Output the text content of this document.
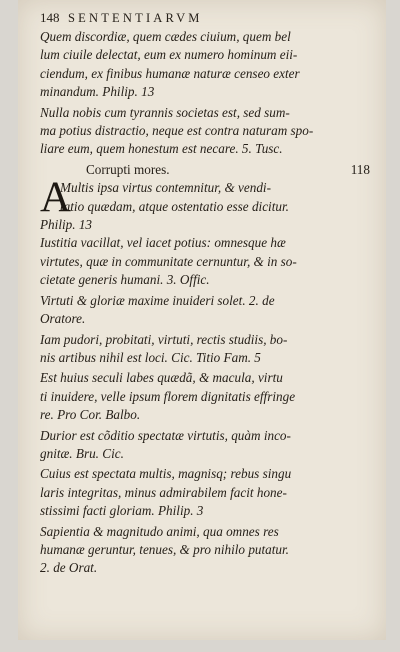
148 SENTENTIARVM
Quem discordiæ, quem cædes ciuium, quem bel
lum ciuile delectat, eum ex numero hominum eii-
ciendum, ex finibus humanæ naturæ censeo exter
minandum. Philip. 13
Nulla nobis cum tyrannis societas est, sed sum-
ma potius distractio, neque est contra naturam spo-
liare eum, quem honestum est necare. 5. Tusc.
Corrupti mores.	118
A
Multis ipsa virtus contemnitur, & vendi-
tatio quædam, atque ostentatio esse dicitur.
Philip. 13
Iustitia vacillat, vel iacet potius: omnesque hæ
virtutes, quæ in communitate cernuntur, & in so-
cietate generis humani. 3. Offic.
Virtuti & gloriæ maxime inuideri solet. 2. de
Oratore.
Iam pudori, probitati, virtuti, rectis studiis, bo-
nis artibus nihil est loci. Cic. Titio Fam. 5
Est huius seculi labes quædã, & macula, virtu
ti inuidere, velle ipsum florem dignitatis effringe
re. Pro Cor. Balbo.
Durior est cõditio spectatæ virtutis, quàm inco-
gnitæ. Bru. Cic.
Cuius est spectata multis, magnisq; rebus singu
laris integritas, minus admirabilem facit hone-
stissimi facti gloriam. Philip. 3
Sapientia & magnitudo animi, qua omnes res
humanæ geruntur, tenues, & pro nihilo putatur.
2. de Orat.
